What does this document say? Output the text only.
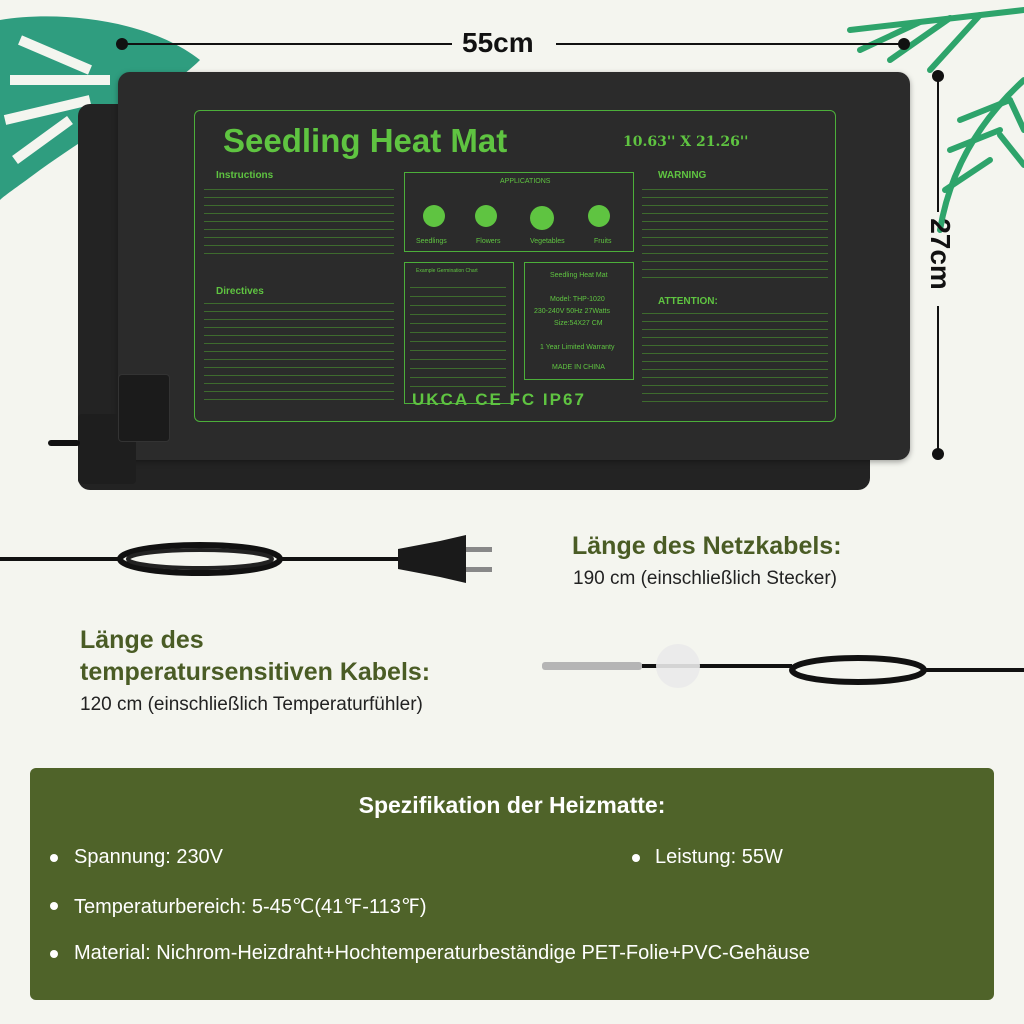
55cm
27cm
Seedling Heat Mat	10.63'' X 21.26''
Instructions
Directives
APPLICATIONS
Seedlings	Flowers	Vegetables	Fruits
Example Germination Chart
Seedling Heat Mat
Model: THP-1020
230-240V 50Hz 27Watts
Size:54X27 CM
1 Year Limited Warranty
MADE IN CHINA
WARNING
ATTENTION:
UKCA CE FC IP67
Länge des Netzkabels:
190 cm (einschließlich Stecker)
Länge des
temperatursensitiven Kabels:
120 cm (einschließlich Temperaturfühler)
Spezifikation der Heizmatte:
Spannung: 230V	Leistung: 55W
Temperaturbereich: 5-45℃(41℉-113℉)
Material: Nichrom-Heizdraht+Hochtemperaturbeständige PET-Folie+PVC-Gehäuse
